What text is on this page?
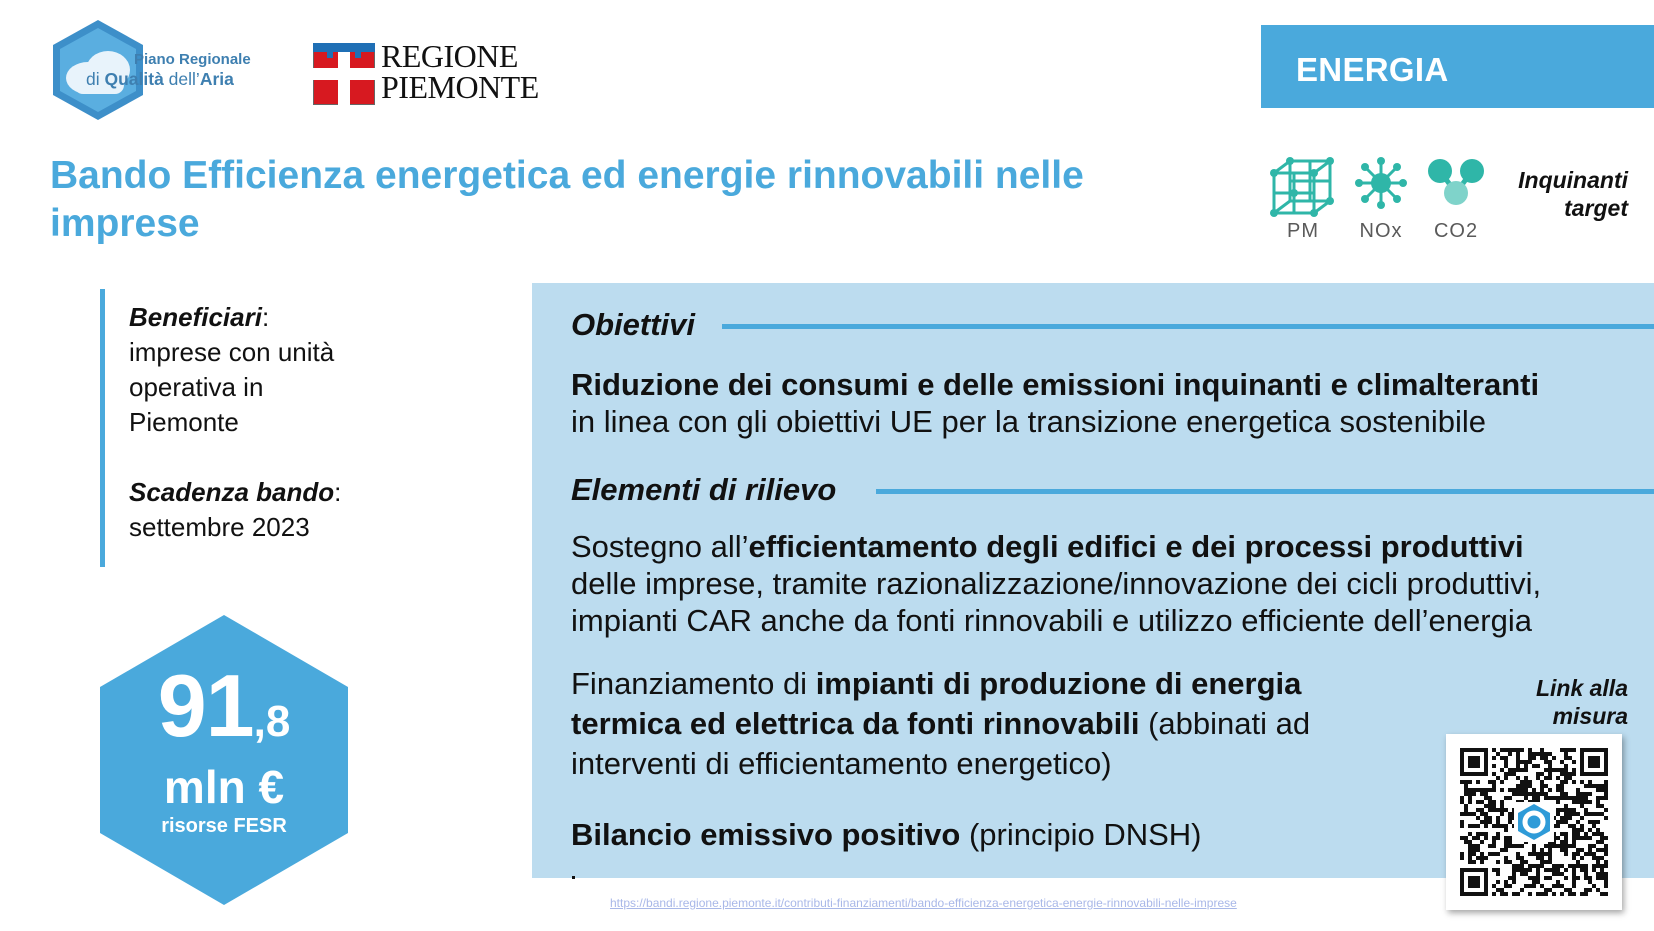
Piano Regionale
di Qualità dell’Aria
REGIONE
PIEMONTE	ENERGIA
Bando Efficienza energetica ed energie rinnovabili nelle imprese	PM	NOx	CO2
Inquinanti
target
Beneficiari:
imprese con unità
operativa in
Piemonte
Scadenza bando:
settembre 2023
91,8
mln €
risorse FESR
Obiettivi
Riduzione dei consumi e delle emissioni inquinanti e climalteranti
in linea con gli obiettivi UE per la transizione energetica sostenibile
Elementi di rilievo
Sostegno all’efficientamento degli edifici e dei processi produttivi
delle imprese, tramite razionalizzazione/innovazione dei cicli produttivi,
impianti CAR anche da fonti rinnovabili e utilizzo efficiente dell’energia
Finanziamento di impianti di produzione di energia
termica ed elettrica da fonti rinnovabili (abbinati ad
interventi di efficientamento energetico)
Bilancio emissivo positivo (principio DNSH)
Link alla
misura
https://bandi.regione.piemonte.it/contributi-finanziamenti/bando-efficienza-energetica-energie-rinnovabili-nelle-imprese
